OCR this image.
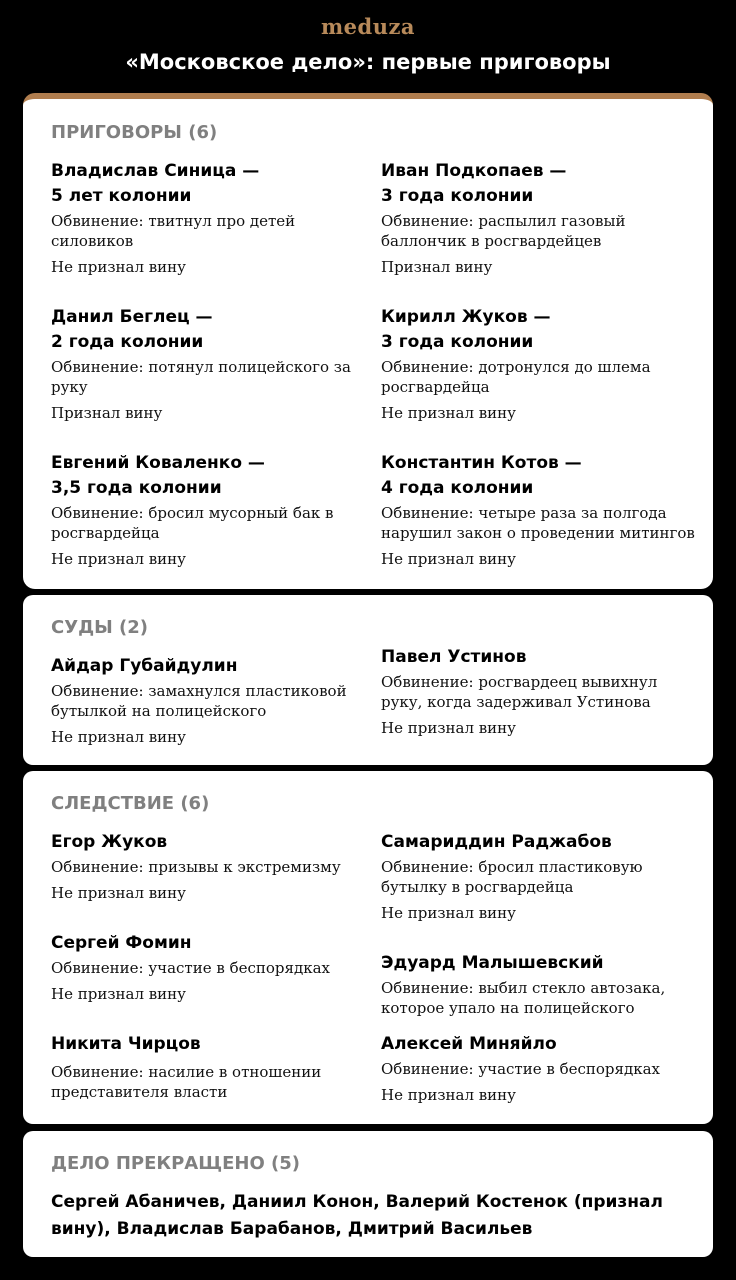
meduza
«Московское дело»: первые приговоры
ПРИГОВОРЫ (6)
Владислав Синица —
5 лет колонии
Обвинение: твитнул про детей силовиков
Не признал вину
Иван Подкопаев —
3 года колонии
Обвинение: распылил газовый баллончик в росгвардейцев
Признал вину
Данил Беглец —
2 года колонии
Обвинение: потянул полицейского за руку
Признал вину
Кирилл Жуков —
3 года колонии
Обвинение: дотронулся до шлема росгвардейца
Не признал вину
Евгений Коваленко —
3,5 года колонии
Обвинение: бросил мусорный бак в росгвардейца
Не признал вину
Константин Котов —
4 года колонии
Обвинение: четыре раза за полгода нарушил закон о проведении митингов
Не признал вину
СУДЫ (2)
Айдар Губайдулин
Обвинение: замахнулся пластиковой бутылкой на полицейского
Не признал вину
Павел Устинов
Обвинение: росгвардеец вывихнул руку, когда задерживал Устинова
Не признал вину
СЛЕДСТВИЕ (6)
Егор Жуков
Обвинение: призывы к экстремизму
Не признал вину
Самариддин Раджабов
Обвинение: бросил пластиковую бутылку в росгвардейца
Не признал вину
Сергей Фомин
Обвинение: участие в беспорядках
Не признал вину
Эдуард Малышевский
Обвинение: выбил стекло автозака, которое упало на полицейского
Никита Чирцов
Обвинение: насилие в отношении представителя власти
Алексей Миняйло
Обвинение: участие в беспорядках
Не признал вину
ДЕЛО ПРЕКРАЩЕНО (5)
Сергей Абаничев, Даниил Конон, Валерий Костенок (признал вину), Владислав Барабанов, Дмитрий Васильев
